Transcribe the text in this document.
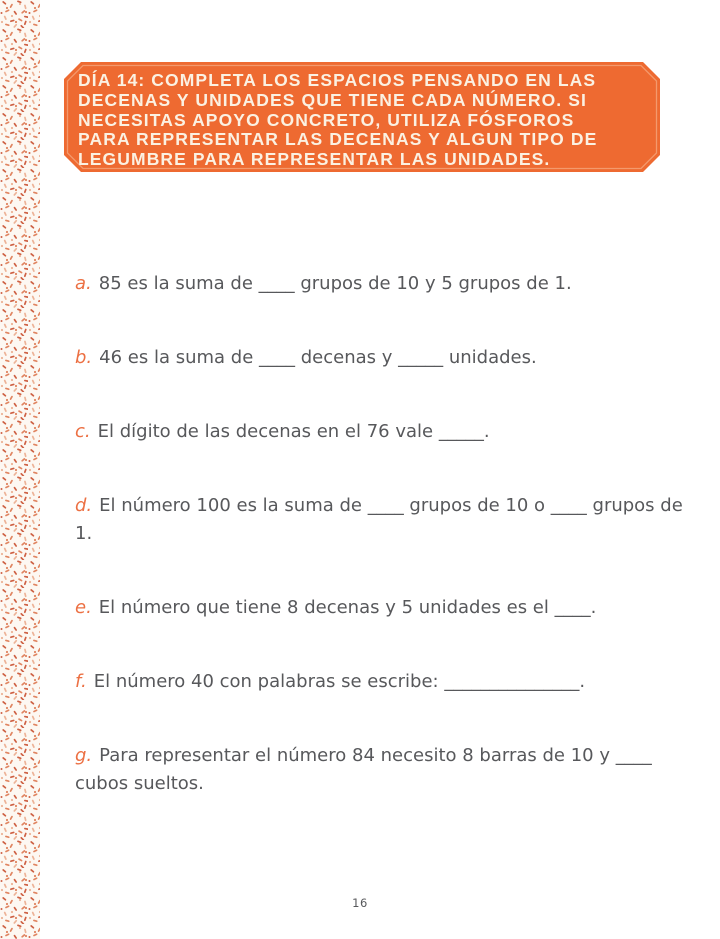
DÍA 14: COMPLETA LOS ESPACIOS PENSANDO EN LAS
DECENAS Y UNIDADES QUE TIENE CADA NÚMERO. SI
NECESITAS APOYO CONCRETO, UTILIZA FÓSFOROS
PARA REPRESENTAR LAS DECENAS Y ALGUN TIPO DE
LEGUMBRE PARA REPRESENTAR LAS UNIDADES.
a. 85 es la suma de ____ grupos de 10 y 5 grupos de 1.
b. 46 es la suma de ____ decenas y _____ unidades.
c. El dígito de las decenas en el 76 vale _____.
d. El número 100 es la suma de ____ grupos de 10 o ____ grupos de 1.
e. El número que tiene 8 decenas y 5 unidades es el ____.
f. El número 40 con palabras se escribe: _______________.
g. Para representar el número 84 necesito 8 barras de 10 y ____ cubos sueltos.
16
